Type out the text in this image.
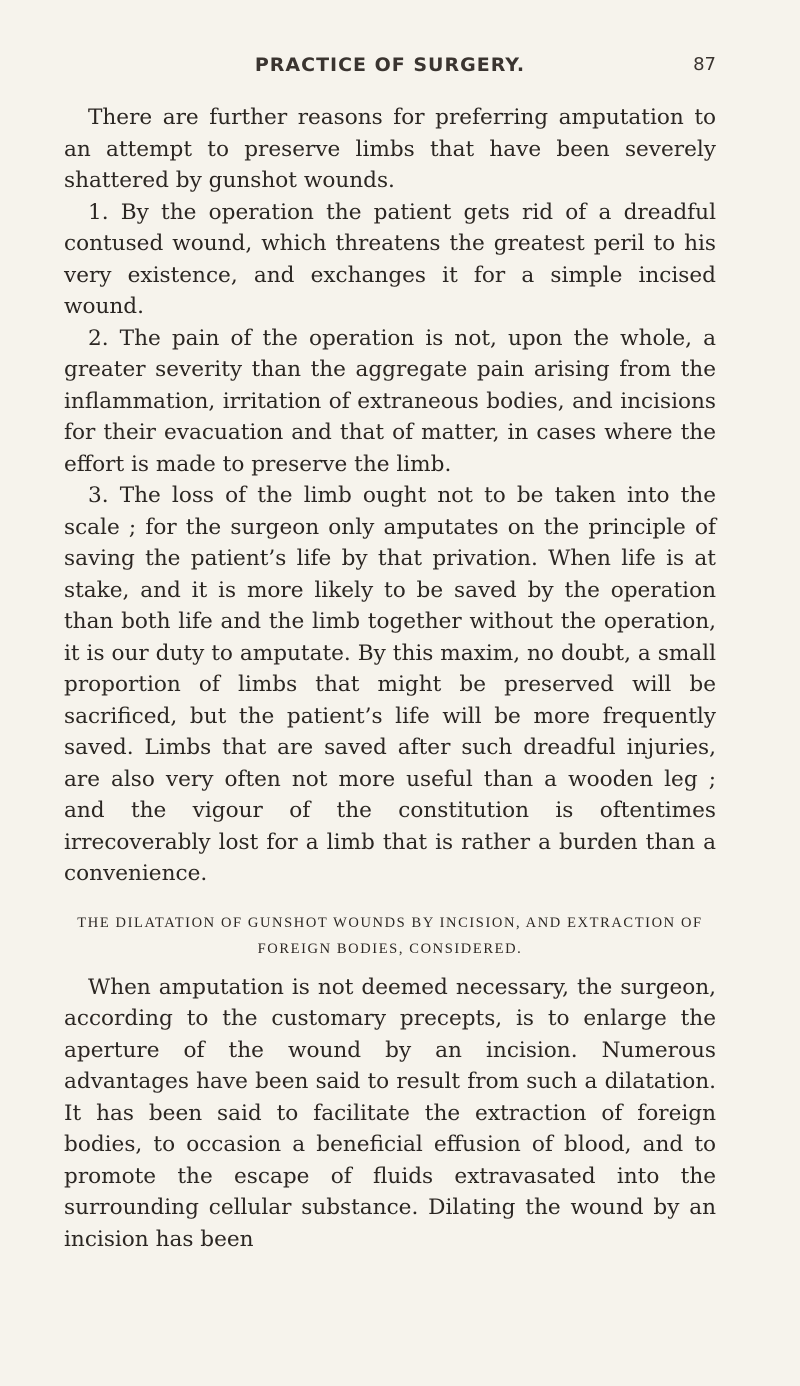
PRACTICE OF SURGERY.	87

There are further reasons for preferring amputation to an attempt to preserve limbs that have been severely shattered by gunshot wounds.

1. By the operation the patient gets rid of a dreadful contused wound, which threatens the greatest peril to his very existence, and exchanges it for a simple incised wound.

2. The pain of the operation is not, upon the whole, a greater severity than the aggregate pain arising from the inflammation, irritation of extraneous bodies, and incisions for their evacuation and that of matter, in cases where the effort is made to preserve the limb.

3. The loss of the limb ought not to be taken into the scale ; for the surgeon only amputates on the principle of saving the patient’s life by that privation. When life is at stake, and it is more likely to be saved by the operation than both life and the limb together without the operation, it is our duty to amputate. By this maxim, no doubt, a small proportion of limbs that might be preserved will be sacrificed, but the patient’s life will be more frequently saved. Limbs that are saved after such dreadful injuries, are also very often not more useful than a wooden leg ; and the vigour of the constitution is oftentimes irrecoverably lost for a limb that is rather a burden than a convenience.

THE DILATATION OF GUNSHOT WOUNDS BY INCISION, AND EXTRACTION OF FOREIGN BODIES, CONSIDERED.

When amputation is not deemed necessary, the surgeon, according to the customary precepts, is to enlarge the aperture of the wound by an incision. Numerous advantages have been said to result from such a dilatation. It has been said to facilitate the extraction of foreign bodies, to occasion a beneficial effusion of blood, and to promote the escape of fluids extravasated into the surrounding cellular substance. Dilating the wound by an incision has been
